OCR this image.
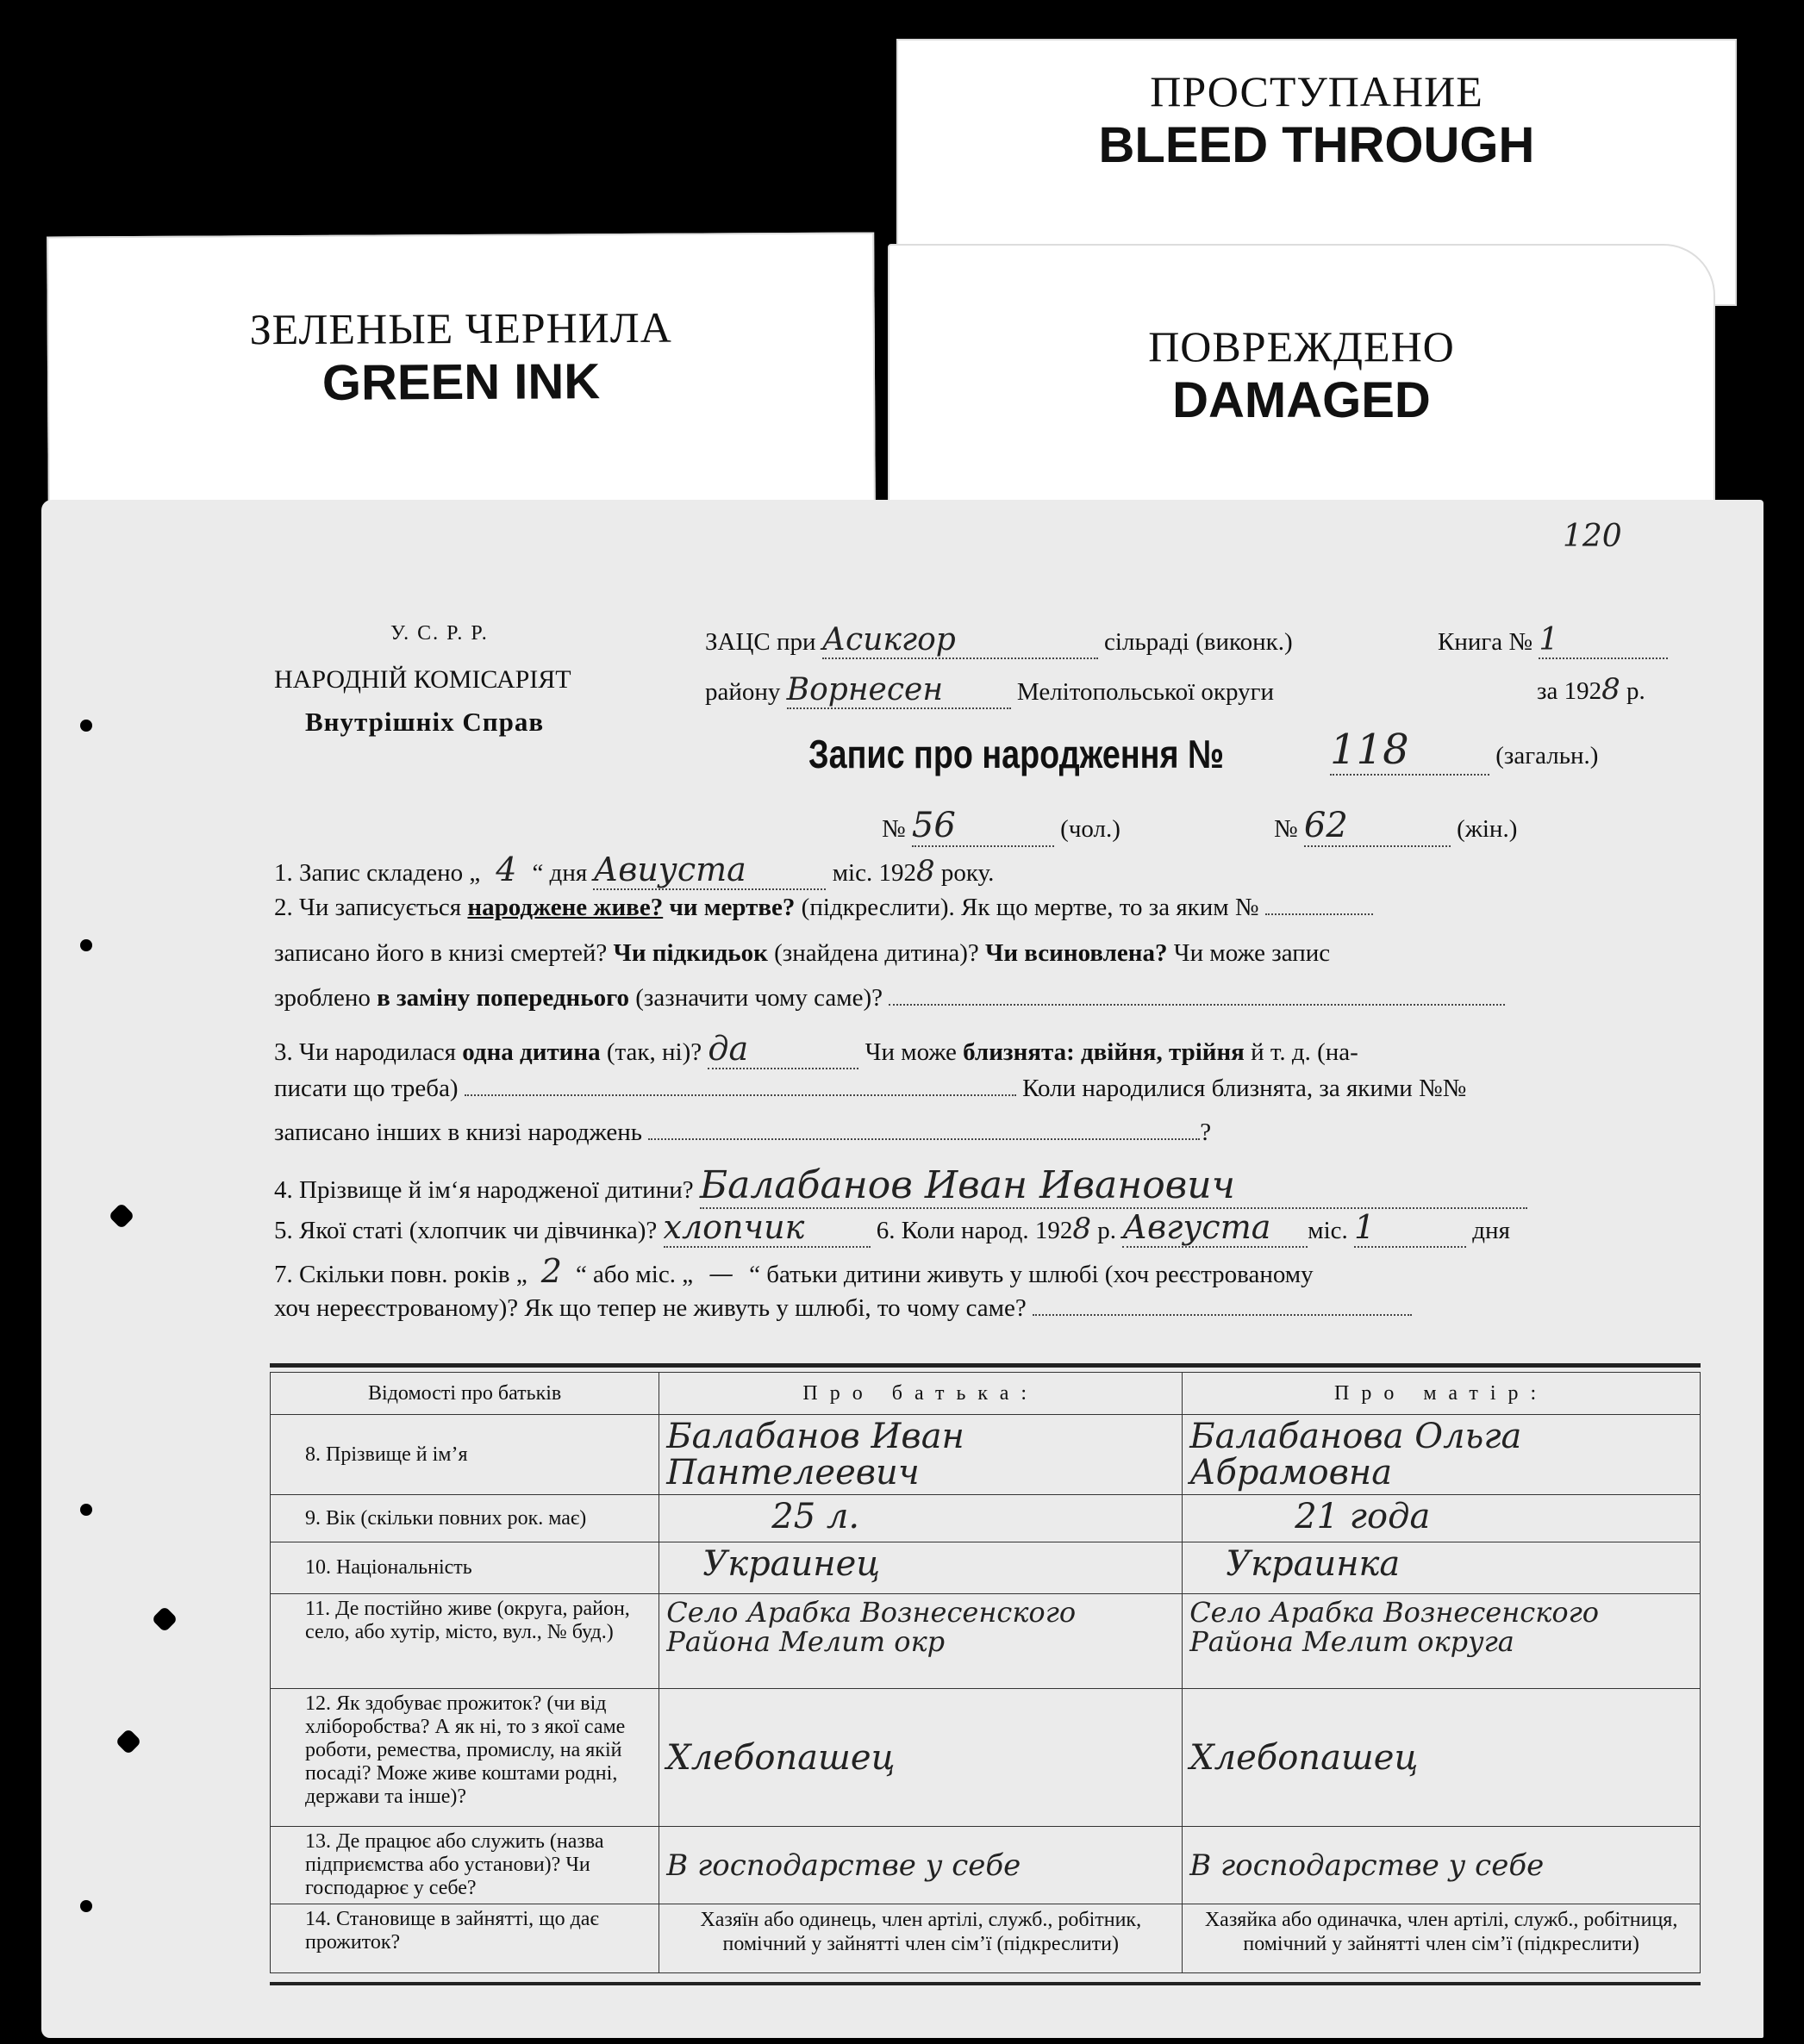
ЗЕЛЕНЫЕ ЧЕРНИЛА
GREEN INK
ПРОСТУПАНИЕ
BLEED THROUGH
ПОВРЕЖДЕНО
DAMAGED
120
У. С. Р. Р.
НАРОДНІЙ КОМІСАРІЯТ
Внутрішніх Справ
ЗАЦС при Асикгор	сільраді (виконк.)	Книга № 1
району Ворнесен	Мелітопольської округи	за 1928 р.
Запис про народження №	118	(загальн.)
№ 56	(чол.)	№ 62	(жін.)
1. Запис складено „ 4 “ дня Авиуста	міс. 1928 року.
2. Чи записується народжене живе? чи мертве? (підкреслити). Як що мертве, то за яким №
записано його в книзі смертей? Чи підкидьок (знайдена дитина)? Чи всиновлена? Чи може запис
зроблено в заміну попереднього (зазначити чому саме)?
3. Чи народилася одна дитина (так, ні)? да	Чи може близнята: двійня, трійня й т. д. (на-
писати що треба)	Коли народилися близнята, за якими №№
записано інших в книзі народжень	?
4. Прізвище й імʻя народженої дитини? Балабанов Иван Иванович
5. Якої статі (хлопчик чи дівчинка)? хлопчик	6. Коли народ. 1928 р. Августа міс. 1	дня
7. Скільки повн. років „ 2 “ або міс. „ — “ батьки дитини живуть у шлюбі (хоч реєстрованому
хоч нереєстрованому)? Як що тепер не живуть у шлюбі, то чому саме?
Відомості про батьків	Про батька:	Про матір:
8. Прізвище й імʼя	Балабанов Иван Пантелеевич	Балабанова Ольга Абрамовна
9. Вік (скільки повних рок. має)	25 л.	21 года
10. Національність	Украинец	Украинка
11. Де постійно живе (округа, район, село, або хутір, місто, вул., № буд.)	Село Арабка Вознесенского Района Мелит окр	Село Арабка Вознесенского Района Мелит округа
12. Як здобуває прожиток? (чи від хліборобства? А як ні, то з якої саме роботи, ремества, промислу, на якій посаді? Може живе коштами родні, держави та інше)?	Хлебопашец	Хлебопашец
13. Де працює або служить (назва підприємства або установи)? Чи господарює у себе?	В господарстве у себе	В господарстве у себе
14. Становище в зайнятті, що дає прожиток?	Хазяїн або одинець, член артілі, служб., робітник, помічний у зайнятті член сімʼї (підкреслити)	Хазяйка або одиначка, член артілі, служб., робітниця, помічний у зайнятті член сімʼї (підкреслити)
